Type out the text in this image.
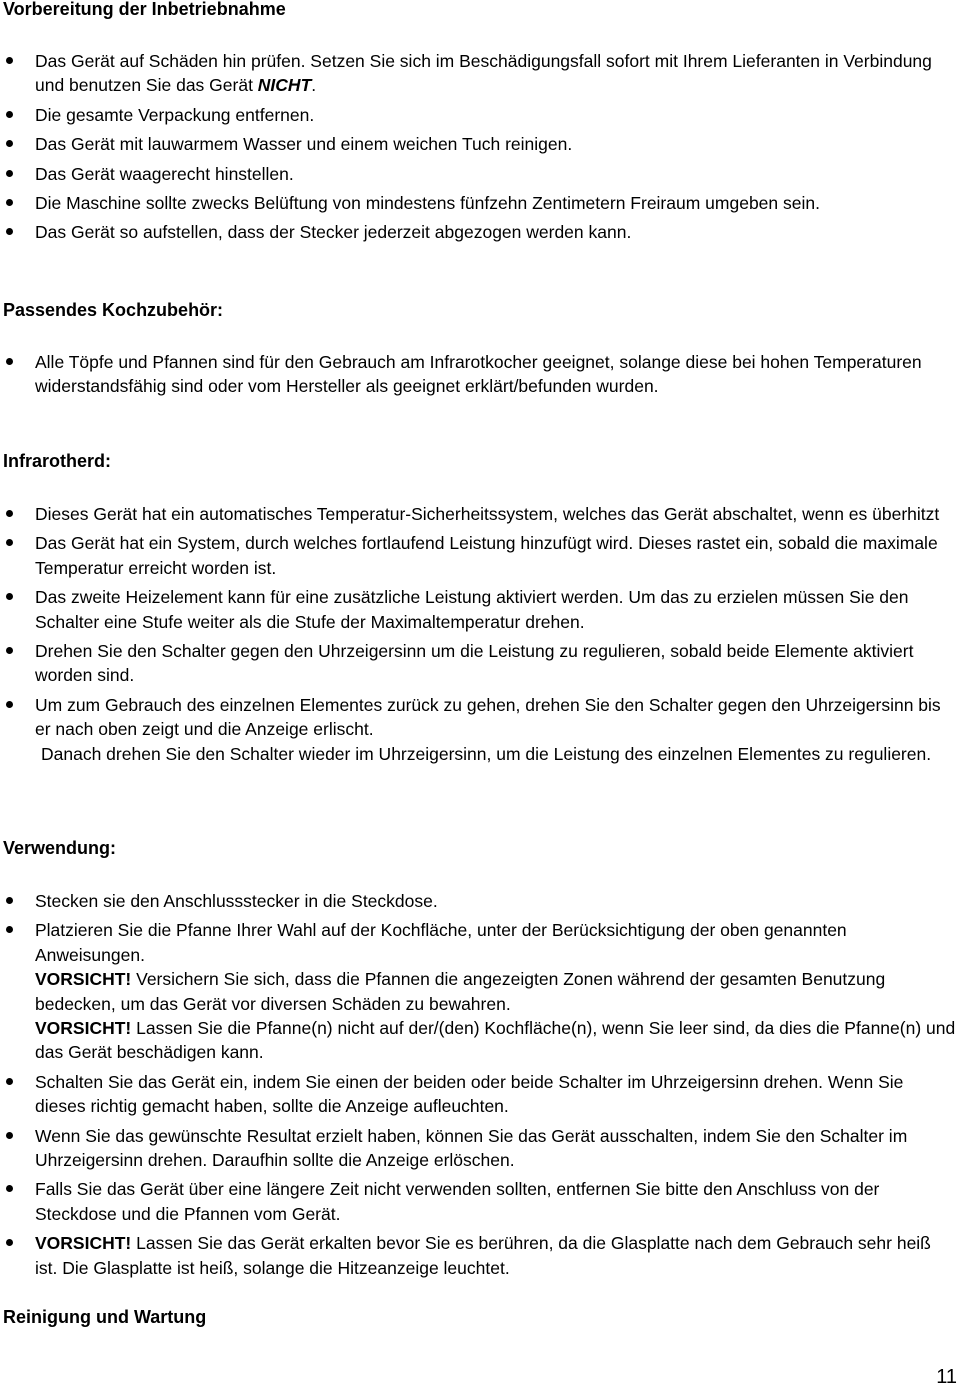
Vorbereitung der Inbetriebnahme
Das Gerät auf Schäden hin prüfen. Setzen Sie sich im Beschädigungsfall sofort mit Ihrem Lieferanten in Verbindung und benutzen Sie das Gerät NICHT.
Die gesamte Verpackung entfernen.
Das Gerät mit lauwarmem Wasser und einem weichen Tuch reinigen.
Das Gerät waagerecht hinstellen.
Die Maschine sollte zwecks Belüftung von mindestens fünfzehn Zentimetern Freiraum umgeben sein.
Das Gerät so aufstellen, dass der Stecker jederzeit abgezogen werden kann.
Passendes Kochzubehör:
Alle Töpfe und Pfannen sind für den Gebrauch am Infrarotkocher geeignet, solange diese bei hohen Temperaturen widerstandsfähig sind oder vom Hersteller als geeignet erklärt/befunden wurden.
Infrarotherd:
Dieses Gerät hat ein automatisches Temperatur-Sicherheitssystem, welches das Gerät abschaltet, wenn es überhitzt
Das Gerät hat ein System, durch welches fortlaufend Leistung hinzufügt wird. Dieses rastet ein, sobald die maximale Temperatur erreicht worden ist.
Das zweite Heizelement kann für eine zusätzliche Leistung aktiviert werden. Um das zu erzielen müssen Sie den Schalter eine Stufe weiter als die Stufe der Maximaltemperatur drehen.
Drehen Sie den Schalter gegen den Uhrzeigersinn um die Leistung zu regulieren, sobald beide Elemente aktiviert worden sind.
Um zum Gebrauch des einzelnen Elementes zurück zu gehen, drehen Sie den Schalter gegen den Uhrzeigersinn bis er nach oben zeigt und die Anzeige erlischt.
Danach drehen Sie den Schalter wieder im Uhrzeigersinn, um die Leistung des einzelnen Elementes zu regulieren.
Verwendung:
Stecken sie den Anschlussstecker in die Steckdose.
Platzieren Sie die Pfanne Ihrer Wahl auf der Kochfläche, unter der Berücksichtigung der oben genannten Anweisungen.
VORSICHT! Versichern Sie sich, dass die Pfannen die angezeigten Zonen während der gesamten Benutzung bedecken, um das Gerät vor diversen Schäden zu bewahren.
VORSICHT! Lassen Sie die Pfanne(n) nicht auf der/(den) Kochfläche(n), wenn Sie leer sind, da dies die Pfanne(n) und das Gerät beschädigen kann.
Schalten Sie das Gerät ein, indem Sie einen der beiden oder beide Schalter im Uhrzeigersinn drehen. Wenn Sie dieses richtig gemacht haben, sollte die Anzeige aufleuchten.
Wenn Sie das gewünschte Resultat erzielt haben, können Sie das Gerät ausschalten, indem Sie den Schalter im Uhrzeigersinn drehen. Daraufhin sollte die Anzeige erlöschen.
Falls Sie das Gerät über eine längere Zeit nicht verwenden sollten, entfernen Sie bitte den Anschluss von der Steckdose und die Pfannen vom Gerät.
VORSICHT! Lassen Sie das Gerät erkalten bevor Sie es berühren, da die Glasplatte nach dem Gebrauch sehr heiß ist. Die Glasplatte ist heiß, solange die Hitzeanzeige leuchtet.
Reinigung und Wartung
11
